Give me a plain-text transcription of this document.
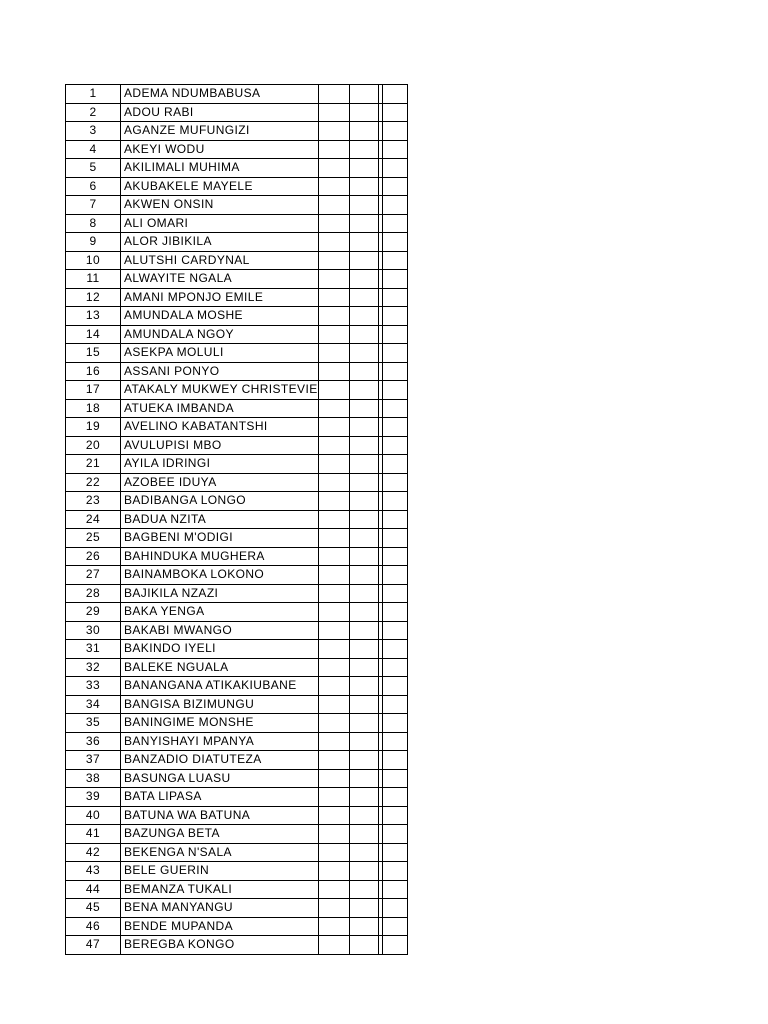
1	ADEMA NDUMBABUSA				
2	ADOU RABI				
3	AGANZE MUFUNGIZI				
4	AKEYI WODU				
5	AKILIMALI MUHIMA				
6	AKUBAKELE MAYELE				
7	AKWEN ONSIN				
8	ALI OMARI				
9	ALOR JIBIKILA				
10	ALUTSHI CARDYNAL				
11	ALWAYITE NGALA				
12	AMANI MPONJO EMILE				
13	AMUNDALA MOSHE				
14	AMUNDALA NGOY				
15	ASEKPA MOLULI				
16	ASSANI PONYO				
17	ATAKALY MUKWEY CHRISTEVIE				
18	ATUEKA IMBANDA				
19	AVELINO KABATANTSHI				
20	AVULUPISI MBO				
21	AYILA IDRINGI				
22	AZOBEE IDUYA				
23	BADIBANGA LONGO				
24	BADUA NZITA				
25	BAGBENI M'ODIGI				
26	BAHINDUKA MUGHERA				
27	BAINAMBOKA LOKONO				
28	BAJIKILA NZAZI				
29	BAKA YENGA				
30	BAKABI MWANGO				
31	BAKINDO IYELI				
32	BALEKE NGUALA				
33	BANANGANA ATIKAKIUBANE				
34	BANGISA BIZIMUNGU				
35	BANINGIME MONSHE				
36	BANYISHAYI MPANYA				
37	BANZADIO DIATUTEZA				
38	BASUNGA LUASU				
39	BATA LIPASA				
40	BATUNA WA BATUNA				
41	BAZUNGA BETA				
42	BEKENGA N'SALA				
43	BELE GUERIN				
44	BEMANZA TUKALI				
45	BENA MANYANGU				
46	BENDE MUPANDA				
47	BEREGBA KONGO				
